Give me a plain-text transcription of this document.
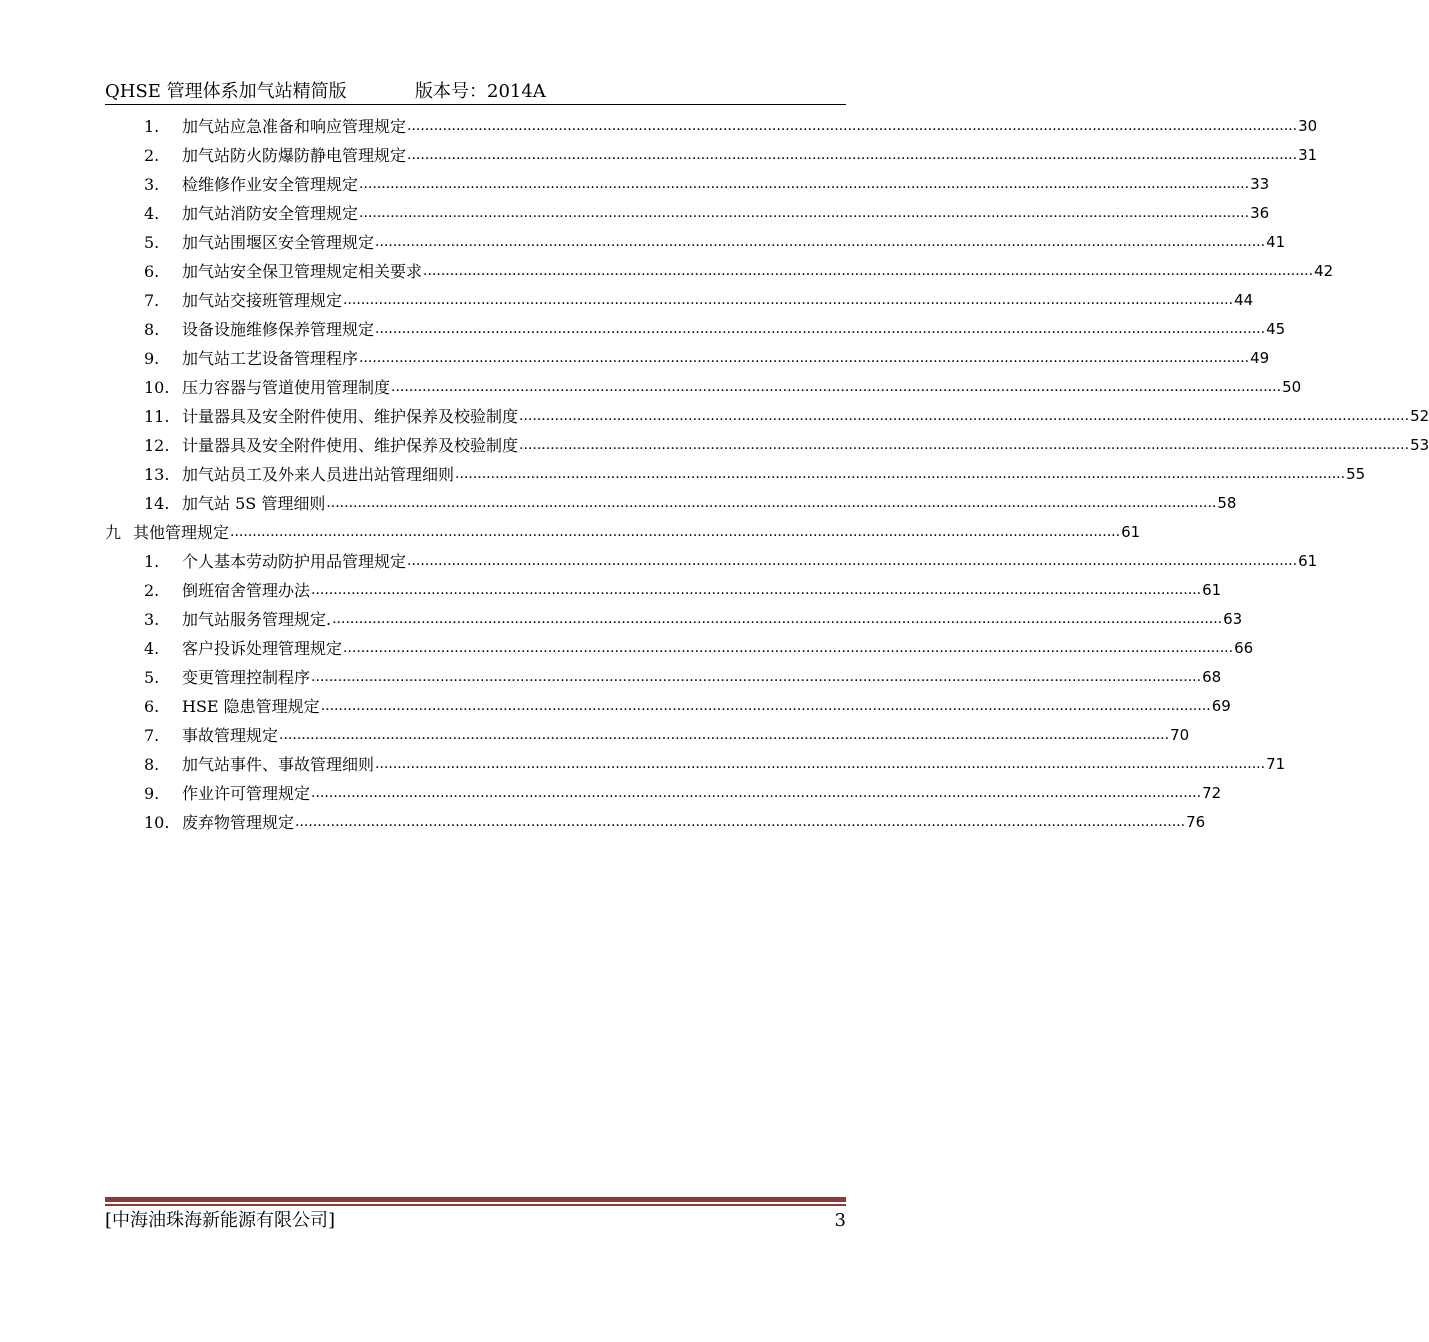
QHSE 管理体系加气站精简版	版本号：2014A
1.	加气站应急准备和响应管理规定 ........................................................................................................................................................................................................ 30
2.	加气站防火防爆防静电管理规定 ........................................................................................................................................................................................................ 31
3.	检维修作业安全管理规定 ........................................................................................................................................................................................................ 33
4.	加气站消防安全管理规定 ........................................................................................................................................................................................................ 36
5.	加气站围堰区安全管理规定 ........................................................................................................................................................................................................ 41
6.	加气站安全保卫管理规定相关要求 ........................................................................................................................................................................................................ 42
7.	加气站交接班管理规定 ........................................................................................................................................................................................................ 44
8.	设备设施维修保养管理规定 ........................................................................................................................................................................................................ 45
9.	加气站工艺设备管理程序 ........................................................................................................................................................................................................ 49
10. 压力容器与管道使用管理制度 ........................................................................................................................................................................................................ 50
11. 计量器具及安全附件使用、维护保养及校验制度 ........................................................................................................................................................................................................ 52
12. 计量器具及安全附件使用、维护保养及校验制度 ........................................................................................................................................................................................................ 53
13. 加气站员工及外来人员进出站管理细则 ........................................................................................................................................................................................................ 55
14. 加气站 5S 管理细则 ........................................................................................................................................................................................................ 58
九 其他管理规定 ........................................................................................................................................................................................................ 61
1.	个人基本劳动防护用品管理规定 ........................................................................................................................................................................................................ 61
2.	倒班宿舍管理办法 ........................................................................................................................................................................................................ 61
3.	加气站服务管理规定. ........................................................................................................................................................................................................ 63
4.	客户投诉处理管理规定 ........................................................................................................................................................................................................ 66
5.	变更管理控制程序 ........................................................................................................................................................................................................ 68
6.	HSE 隐患管理规定 ........................................................................................................................................................................................................ 69
7.	事故管理规定 ........................................................................................................................................................................................................ 70
8.	加气站事件、事故管理细则 ........................................................................................................................................................................................................ 71
9.	作业许可管理规定 ........................................................................................................................................................................................................ 72
10. 废弃物管理规定 ........................................................................................................................................................................................................ 76
[中海油珠海新能源有限公司]	3
